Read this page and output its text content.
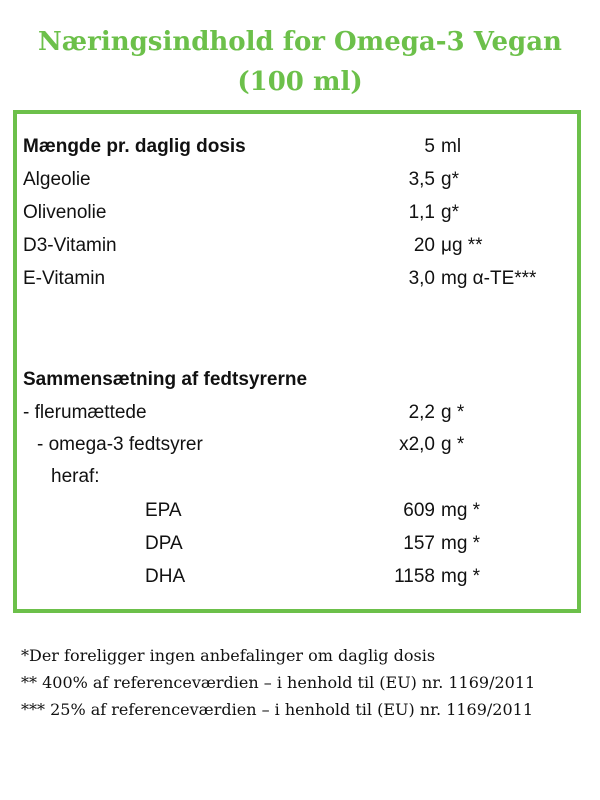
Næringsindhold for Omega-3 Vegan
(100 ml)
Mængde pr. daglig dosis	5 ml
Algeolie	3,5 g*
Olivenolie	1,1 g*
D3-Vitamin	20 μg **
E-Vitamin	3,0 mg α-TE***
Sammensætning af fedtsyrerne
- flerumættede	2,2 g *
- omega-3 fedtsyrer	x2,0 g *
heraf:
EPA	609 mg *
DPA	157 mg *
DHA	1158 mg *
*Der foreligger ingen anbefalinger om daglig dosis
** 400% af referenceværdien – i henhold til (EU) nr. 1169/2011
*** 25% af referenceværdien – i henhold til (EU) nr. 1169/2011
